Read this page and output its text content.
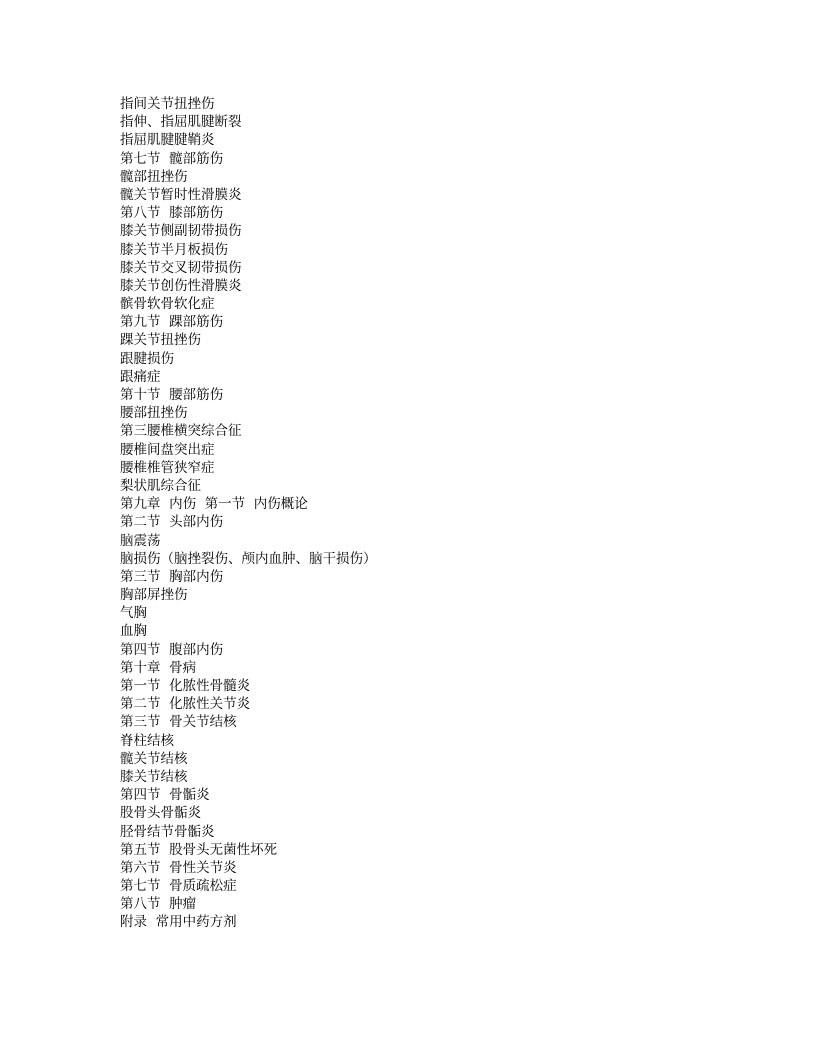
指间关节扭挫伤
指伸、指屈肌腱断裂
指屈肌腱腱鞘炎
第七节  髋部筋伤
髋部扭挫伤
髋关节暂时性滑膜炎
第八节  膝部筋伤
膝关节侧副韧带损伤
膝关节半月板损伤
膝关节交叉韧带损伤
膝关节创伤性滑膜炎
髌骨软骨软化症
第九节  踝部筋伤
踝关节扭挫伤
跟腱损伤
跟痛症
第十节  腰部筋伤
腰部扭挫伤
第三腰椎横突综合征
腰椎间盘突出症
腰椎椎管狭窄症
梨状肌综合征
第九章  内伤  第一节  内伤概论
第二节  头部内伤
脑震荡
脑损伤（脑挫裂伤、颅内血肿、脑干损伤）
第三节  胸部内伤
胸部屏挫伤
气胸
血胸
第四节  腹部内伤
第十章  骨病
第一节  化脓性骨髓炎
第二节  化脓性关节炎
第三节  骨关节结核
脊柱结核
髋关节结核
膝关节结核
第四节  骨骺炎
股骨头骨骺炎
胫骨结节骨骺炎
第五节  股骨头无菌性坏死
第六节  骨性关节炎
第七节  骨质疏松症
第八节  肿瘤
附录  常用中药方剂
